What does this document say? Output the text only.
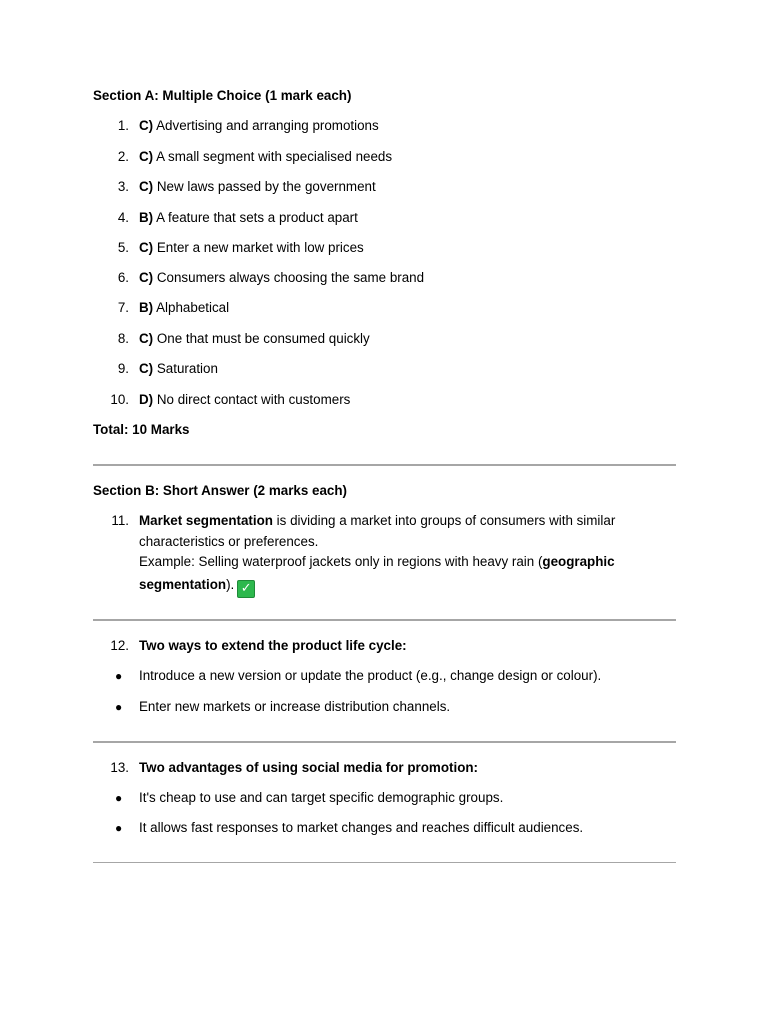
Section A: Multiple Choice (1 mark each)
1. C) Advertising and arranging promotions
2. C) A small segment with specialised needs
3. C) New laws passed by the government
4. B) A feature that sets a product apart
5. C) Enter a new market with low prices
6. C) Consumers always choosing the same brand
7. B) Alphabetical
8. C) One that must be consumed quickly
9. C) Saturation
10. D) No direct contact with customers
Total: 10 Marks
Section B: Short Answer (2 marks each)
11. Market segmentation is dividing a market into groups of consumers with similar
characteristics or preferences.
Example: Selling waterproof jackets only in regions with heavy rain (geographic
segmentation). ✓
12. Two ways to extend the product life cycle:
● Introduce a new version or update the product (e.g., change design or colour).
● Enter new markets or increase distribution channels.
13. Two advantages of using social media for promotion:
● It's cheap to use and can target specific demographic groups.
● It allows fast responses to market changes and reaches difficult audiences.
